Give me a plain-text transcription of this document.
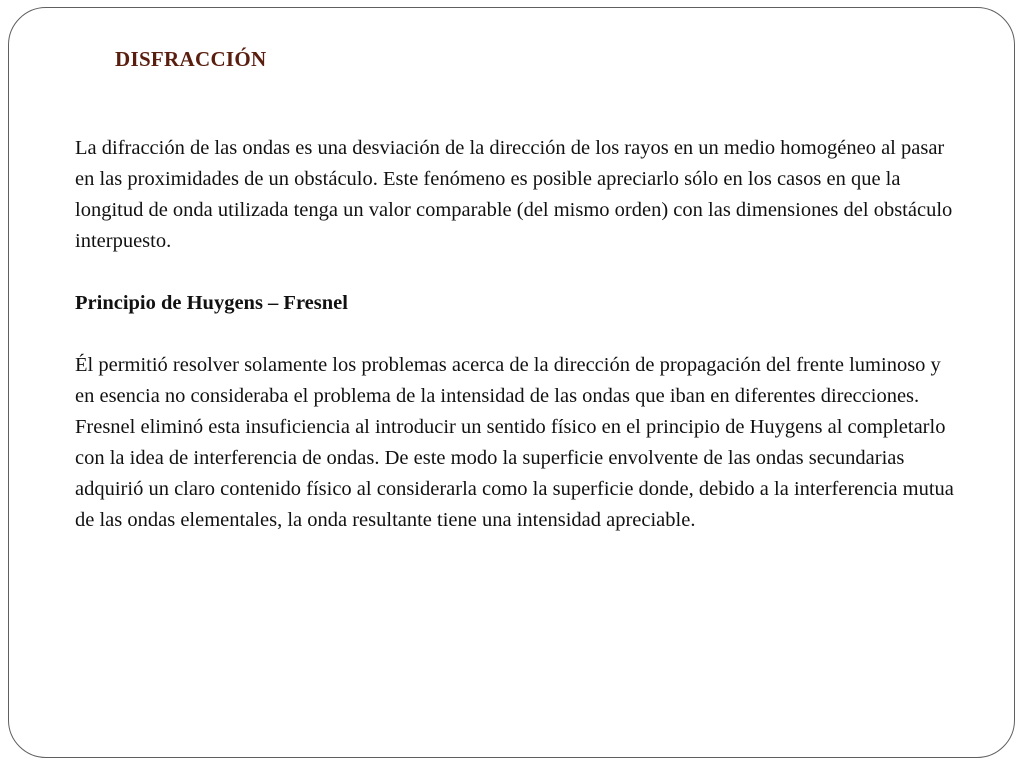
DISFRACCIÓN

La difracción de las ondas es una desviación de la dirección de los rayos en un medio homogéneo al pasar en las proximidades de un obstáculo. Este fenómeno es posible apreciarlo sólo en los casos en que la longitud de onda utilizada tenga un valor comparable (del mismo orden) con las dimensiones del obstáculo interpuesto.

Principio de Huygens – Fresnel

Él permitió resolver solamente los problemas acerca de la dirección de propagación del frente luminoso y en esencia no consideraba el problema de la intensidad de las ondas que iban en diferentes direcciones. Fresnel eliminó esta insuficiencia al introducir un sentido físico en el principio de Huygens al completarlo con la idea de interferencia de ondas. De este modo la superficie envolvente de las ondas secundarias adquirió un claro contenido físico al considerarla como la superficie donde, debido a la interferencia mutua de las ondas elementales, la onda resultante tiene una intensidad apreciable.
